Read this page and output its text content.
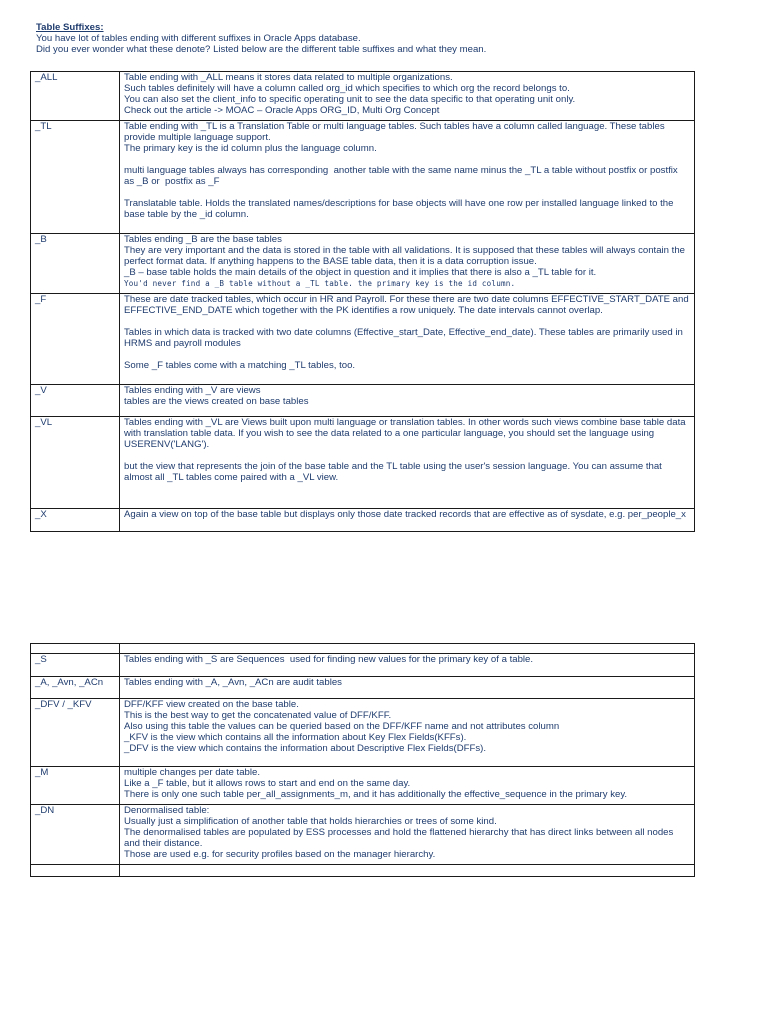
Table Suffixes:
You have lot of tables ending with different suffixes in Oracle Apps database.
Did you ever wonder what these denote? Listed below are the different table suffixes and what they mean.
_ALL	Table ending with _ALL means it stores data related to multiple organizations.
Such tables definitely will have a column called org_id which specifies to which org the record belongs to.
You can also set the client_info to specific operating unit to see the data specific to that operating unit only.
Check out the article -> MOAC – Oracle Apps ORG_ID, Multi Org Concept

_TL	Table ending with _TL is a Translation Table or multi language tables. Such tables have a column called language. These tables provide multiple language support.
The primary key is the id column plus the language column.
multi language tables always has corresponding  another table with the same name minus the _TL a table without postfix or postfix as _B or  postfix as _F
Translatable table. Holds the translated names/descriptions for base objects will have one row per installed language linked to the base table by the _id column.

_B	Tables ending _B are the base tables
They are very important and the data is stored in the table with all validations. It is supposed that these tables will always contain the perfect format data. If anything happens to the BASE table data, then it is a data corruption issue.
_B – base table holds the main details of the object in question and it implies that there is also a _TL table for it.
You'd never find a _B table without a _TL table. the primary key is the id column.

_F	These are date tracked tables, which occur in HR and Payroll. For these there are two date columns EFFECTIVE_START_DATE and EFFECTIVE_END_DATE which together with the PK identifies a row uniquely. The date intervals cannot overlap.
Tables in which data is tracked with two date columns (Effective_start_Date, Effective_end_date). These tables are primarily used in HRMS and payroll modules
Some _F tables come with a matching _TL tables, too.

_V	Tables ending with _V are views
tables are the views created on base tables

_VL	Tables ending with _VL are Views built upon multi language or translation tables. In other words such views combine base table data with translation table data. If you wish to see the data related to a one particular language, you should set the language using USERENV('LANG').
but the view that represents the join of the base table and the TL table using the user's session language. You can assume that almost all _TL tables come paired with a _VL view.

_X	Again a view on top of the base table but displays only those date tracked records that are effective as of sysdate, e.g. per_people_x

_S	Tables ending with _S are Sequences  used for finding new values for the primary key of a table.

_A, _Avn, _ACn	Tables ending with _A, _Avn, _ACn are audit tables

_DFV / _KFV	DFF/KFF view created on the base table.
This is the best way to get the concatenated value of DFF/KFF.
Also using this table the values can be queried based on the DFF/KFF name and not attributes column
_KFV is the view which contains all the information about Key Flex Fields(KFFs).
_DFV is the view which contains the information about Descriptive Flex Fields(DFFs).

_M	multiple changes per date table.
Like a _F table, but it allows rows to start and end on the same day.
There is only one such table per_all_assignments_m, and it has additionally the effective_sequence in the primary key.

_DN	Denormalised table:
Usually just a simplification of another table that holds hierarchies or trees of some kind.
The denormalised tables are populated by ESS processes and hold the flattened hierarchy that has direct links between all nodes and their distance.
Those are used e.g. for security profiles based on the manager hierarchy.
